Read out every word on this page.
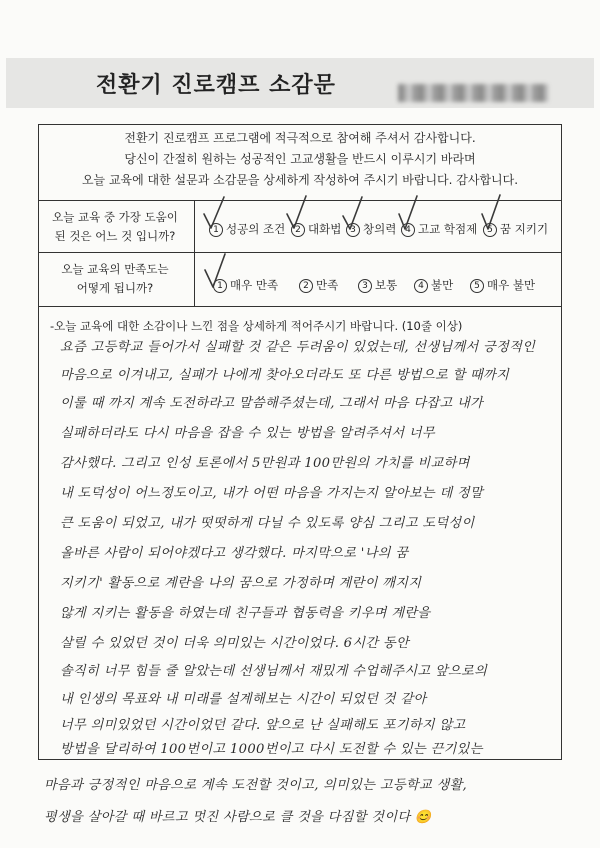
전환기 진로캠프 소감문
전환기 진로캠프 프로그램에 적극적으로 참여해 주셔서 감사합니다.
당신이 간절히 원하는 성공적인 고교생활을 반드시 이루시기 바라며
오늘 교육에 대한 설문과 소감문을 상세하게 작성하여 주시기 바랍니다. 감사합니다.
오늘 교육 중 가장 도움이
된 것은 어느 것 입니까?	1 성공의 조건	2 대화법 3 창의력 4 고교 학점제	5 꿈 지키기
오늘 교육의 만족도는
어떻게 됩니까?	1 매우 만족	2 만족	3 보통	4 불만	5 매우 불만
-오늘 교육에 대한 소감이나 느낀 점을 상세하게 적어주시기 바랍니다. (10줄 이상)
요즘 고등학교 들어가서 실패할 것 같은 두려움이 있었는데, 선생님께서 긍정적인
마음으로 이겨내고, 실패가 나에게 찾아오더라도 또 다른 방법으로 할 때까지
이룰 때 까지 계속 도전하라고 말씀해주셨는데, 그래서 마음 다잡고 내가
실패하더라도 다시 마음을 잡을 수 있는 방법을 알려주셔서 너무
감사했다. 그리고 인성 토론에서 5만원과 100만원의 가치를 비교하며
내 도덕성이 어느정도이고, 내가 어떤 마음을 가지는지 알아보는 데 정말
큰 도움이 되었고, 내가 떳떳하게 다닐 수 있도록 양심 그리고 도덕성이
올바른 사람이 되어야겠다고 생각했다. 마지막으로 '나의 꿈
지키기' 활동으로 계란을 나의 꿈으로 가정하며 계란이 깨지지
않게 지키는 활동을 하였는데 친구들과 협동력을 키우며 계란을
살릴 수 있었던 것이 더욱 의미있는 시간이었다. 6시간 동안
솔직히 너무 힘들 줄 알았는데 선생님께서 재밌게 수업해주시고 앞으로의
내 인생의 목표와 내 미래를 설계해보는 시간이 되었던 것 같아
너무 의미있었던 시간이었던 같다. 앞으로 난 실패해도 포기하지 않고
방법을 달리하여 100번이고 1000번이고 다시 도전할 수 있는 끈기있는
마음과 긍정적인 마음으로 계속 도전할 것이고, 의미있는 고등학교 생활,
평생을 살아갈 때 바르고 멋진 사람으로 클 것을 다짐할 것이다 😊
